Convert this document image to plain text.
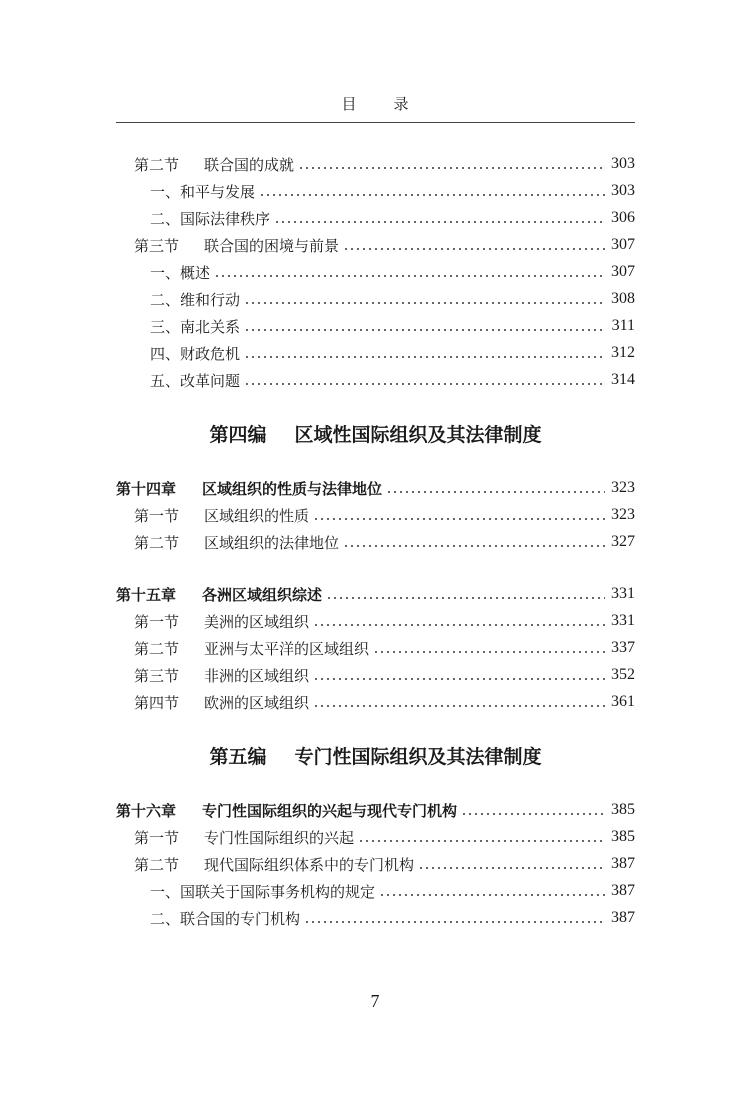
目 录
第二节	联合国的成就	303
一、 和平与发展	303
二、 国际法律秩序	306
第三节	联合国的困境与前景	307
一、 概述	307
二、 维和行动	308
三、 南北关系	311
四、 财政危机	312
五、 改革问题	314
第四编 区域性国际组织及其法律制度
第十四章	区域组织的性质与法律地位	323
第一节	区域组织的性质	323
第二节	区域组织的法律地位	327
第十五章	各洲区域组织综述	331
第一节	美洲的区域组织	331
第二节	亚洲与太平洋的区域组织	337
第三节	非洲的区域组织	352
第四节	欧洲的区域组织	361
第五编 专门性国际组织及其法律制度
第十六章	专门性国际组织的兴起与现代专门机构	385
第一节	专门性国际组织的兴起	385
第二节	现代国际组织体系中的专门机构	387
一、 国联关于国际事务机构的规定	387
二、 联合国的专门机构	387
7
